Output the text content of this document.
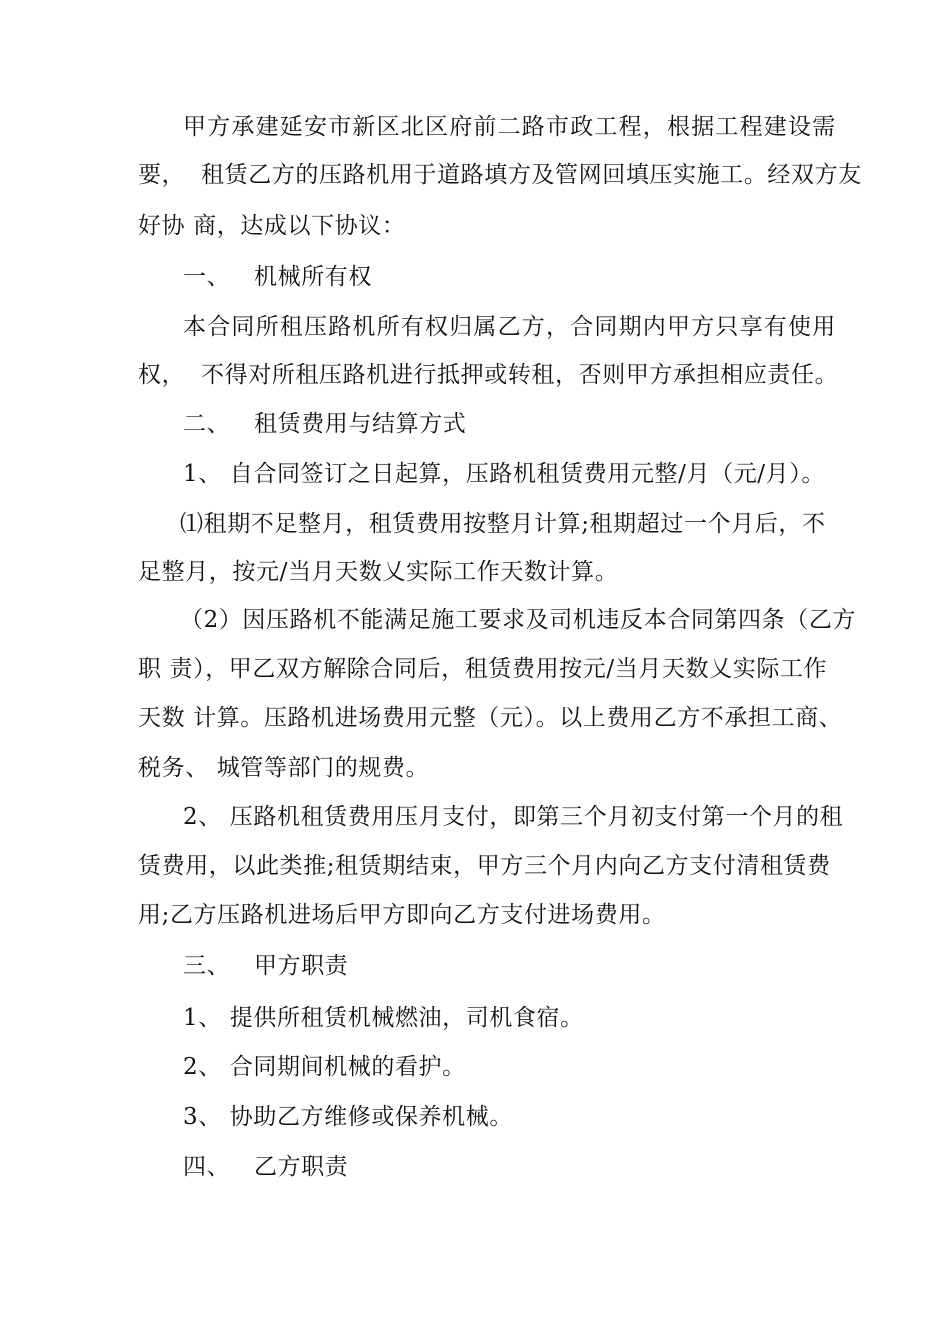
甲方承建延安市新区北区府前二路市政工程，根据工程建设需
要，  租赁乙方的压路机用于道路填方及管网回填压实施工。经双方友
好协 商，达成以下协议：
一、 机械所有权
本合同所租压路机所有权归属乙方，合同期内甲方只享有使用
权，  不得对所租压路机进行抵押或转租，否则甲方承担相应责任。
二、 租赁费用与结算方式
1、 自合同签订之日起算，压路机租赁费用元整/月（元/月）。
⑴租期不足整月，租赁费用按整月计算;租期超过一个月后，不
足整月，按元/当月天数乂实际工作天数计算。
（2）因压路机不能满足施工要求及司机违反本合同第四条（乙方
职 责），甲乙双方解除合同后，租赁费用按元/当月天数乂实际工作
天数 计算。压路机进场费用元整（元）。以上费用乙方不承担工商、
税务、 城管等部门的规费。
2、 压路机租赁费用压月支付，即第三个月初支付第一个月的租
赁费用，以此类推;租赁期结束，甲方三个月内向乙方支付清租赁费
用;乙方压路机进场后甲方即向乙方支付进场费用。
三、 甲方职责
1、 提供所租赁机械燃油，司机食宿。
2、 合同期间机械的看护。
3、 协助乙方维修或保养机械。
四、 乙方职责
